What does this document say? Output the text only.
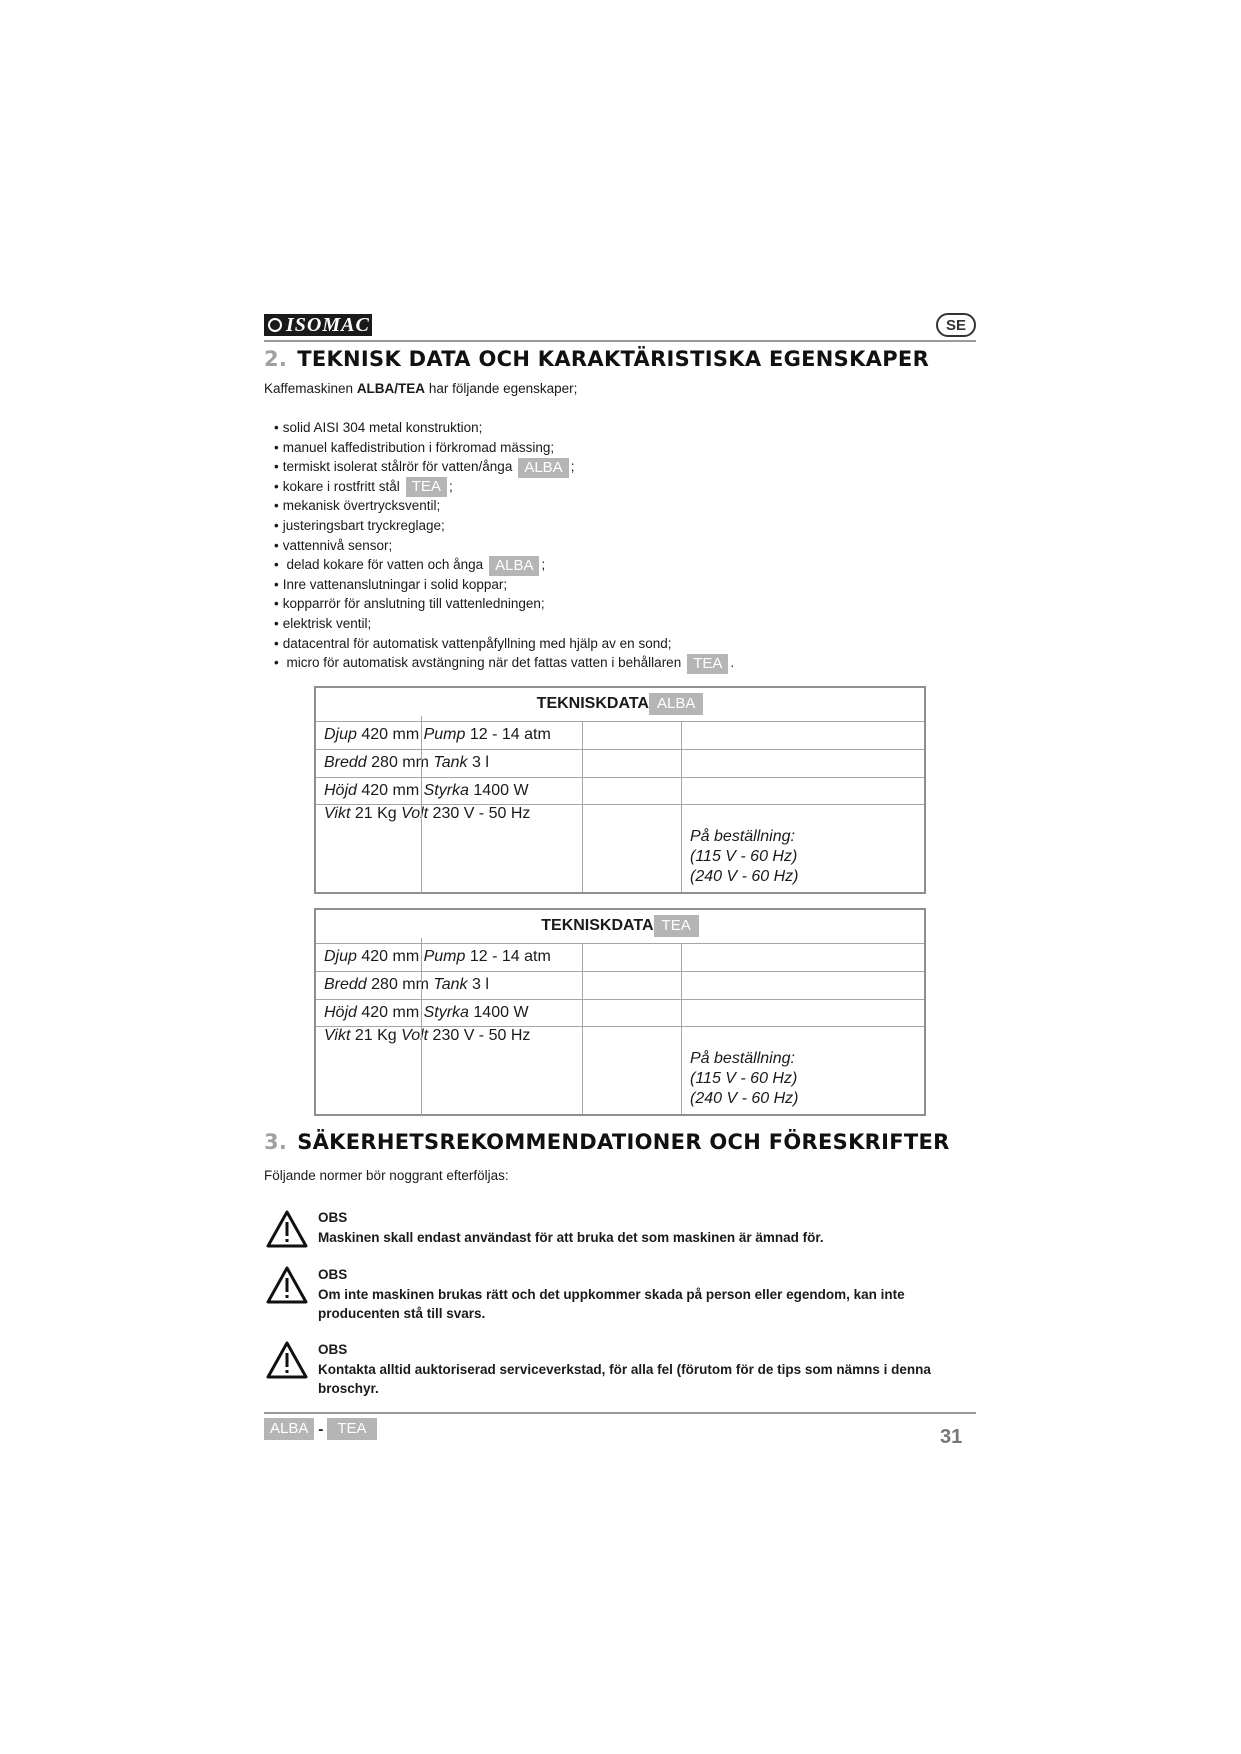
ISOMAC	SE
2. TEKNISK DATA OCH KARAKTÄRISTISKA EGENSKAPER
Kaffemaskinen ALBA/TEA har följande egenskaper;
• solid AISI 304 metal konstruktion;
• manuel kaffedistribution i förkromad mässing;
• termiskt isolerat stålrör för vatten/ånga ALBA ;
• kokare i rostfritt stål TEA ;
• mekanisk övertrycksventil;
• justeringsbart tryckreglage;
• vattennivå sensor;
• delad kokare för vatten och ånga ALBA ;
• Inre vattenanslutningar i solid koppar;
• kopparrör för anslutning till vattenledningen;
• elektrisk ventil;
• datacentral för automatisk vattenpåfyllning med hjälp av en sond;
• micro för automatisk avstängning när det fattas vatten i behållaren TEA .
TEKNISKDATA ALBA		
Djup 420 mm Pump 12 - 14 atm		
Bredd 280 mm Tank 3 l		
Höjd 420 mm Styrka 1400 W		
Vikt 21 Kg Volt 230 V - 50 Hz		På beställning:
(115 V - 60 Hz)
(240 V - 60 Hz)
TEKNISKDATA TEA		
Djup 420 mm Pump 12 - 14 atm		
Bredd 280 mm Tank 3 l		
Höjd 420 mm Styrka 1400 W		
Vikt 21 Kg Volt 230 V - 50 Hz		På beställning:
(115 V - 60 Hz)
(240 V - 60 Hz)
3. SÄKERHETSREKOMMENDATIONER OCH FÖRESKRIFTER
Följande normer bör noggrant efterföljas:
OBS
Maskinen skall endast användast för att bruka det som maskinen är ämnad för.
OBS
Om inte maskinen brukas rätt och det uppkommer skada på person eller egendom, kan inte producenten stå till svars.
OBS
Kontakta alltid auktoriserad serviceverkstad, för alla fel (förutom för de tips som nämns i denna broschyr.
ALBA - TEA	31
